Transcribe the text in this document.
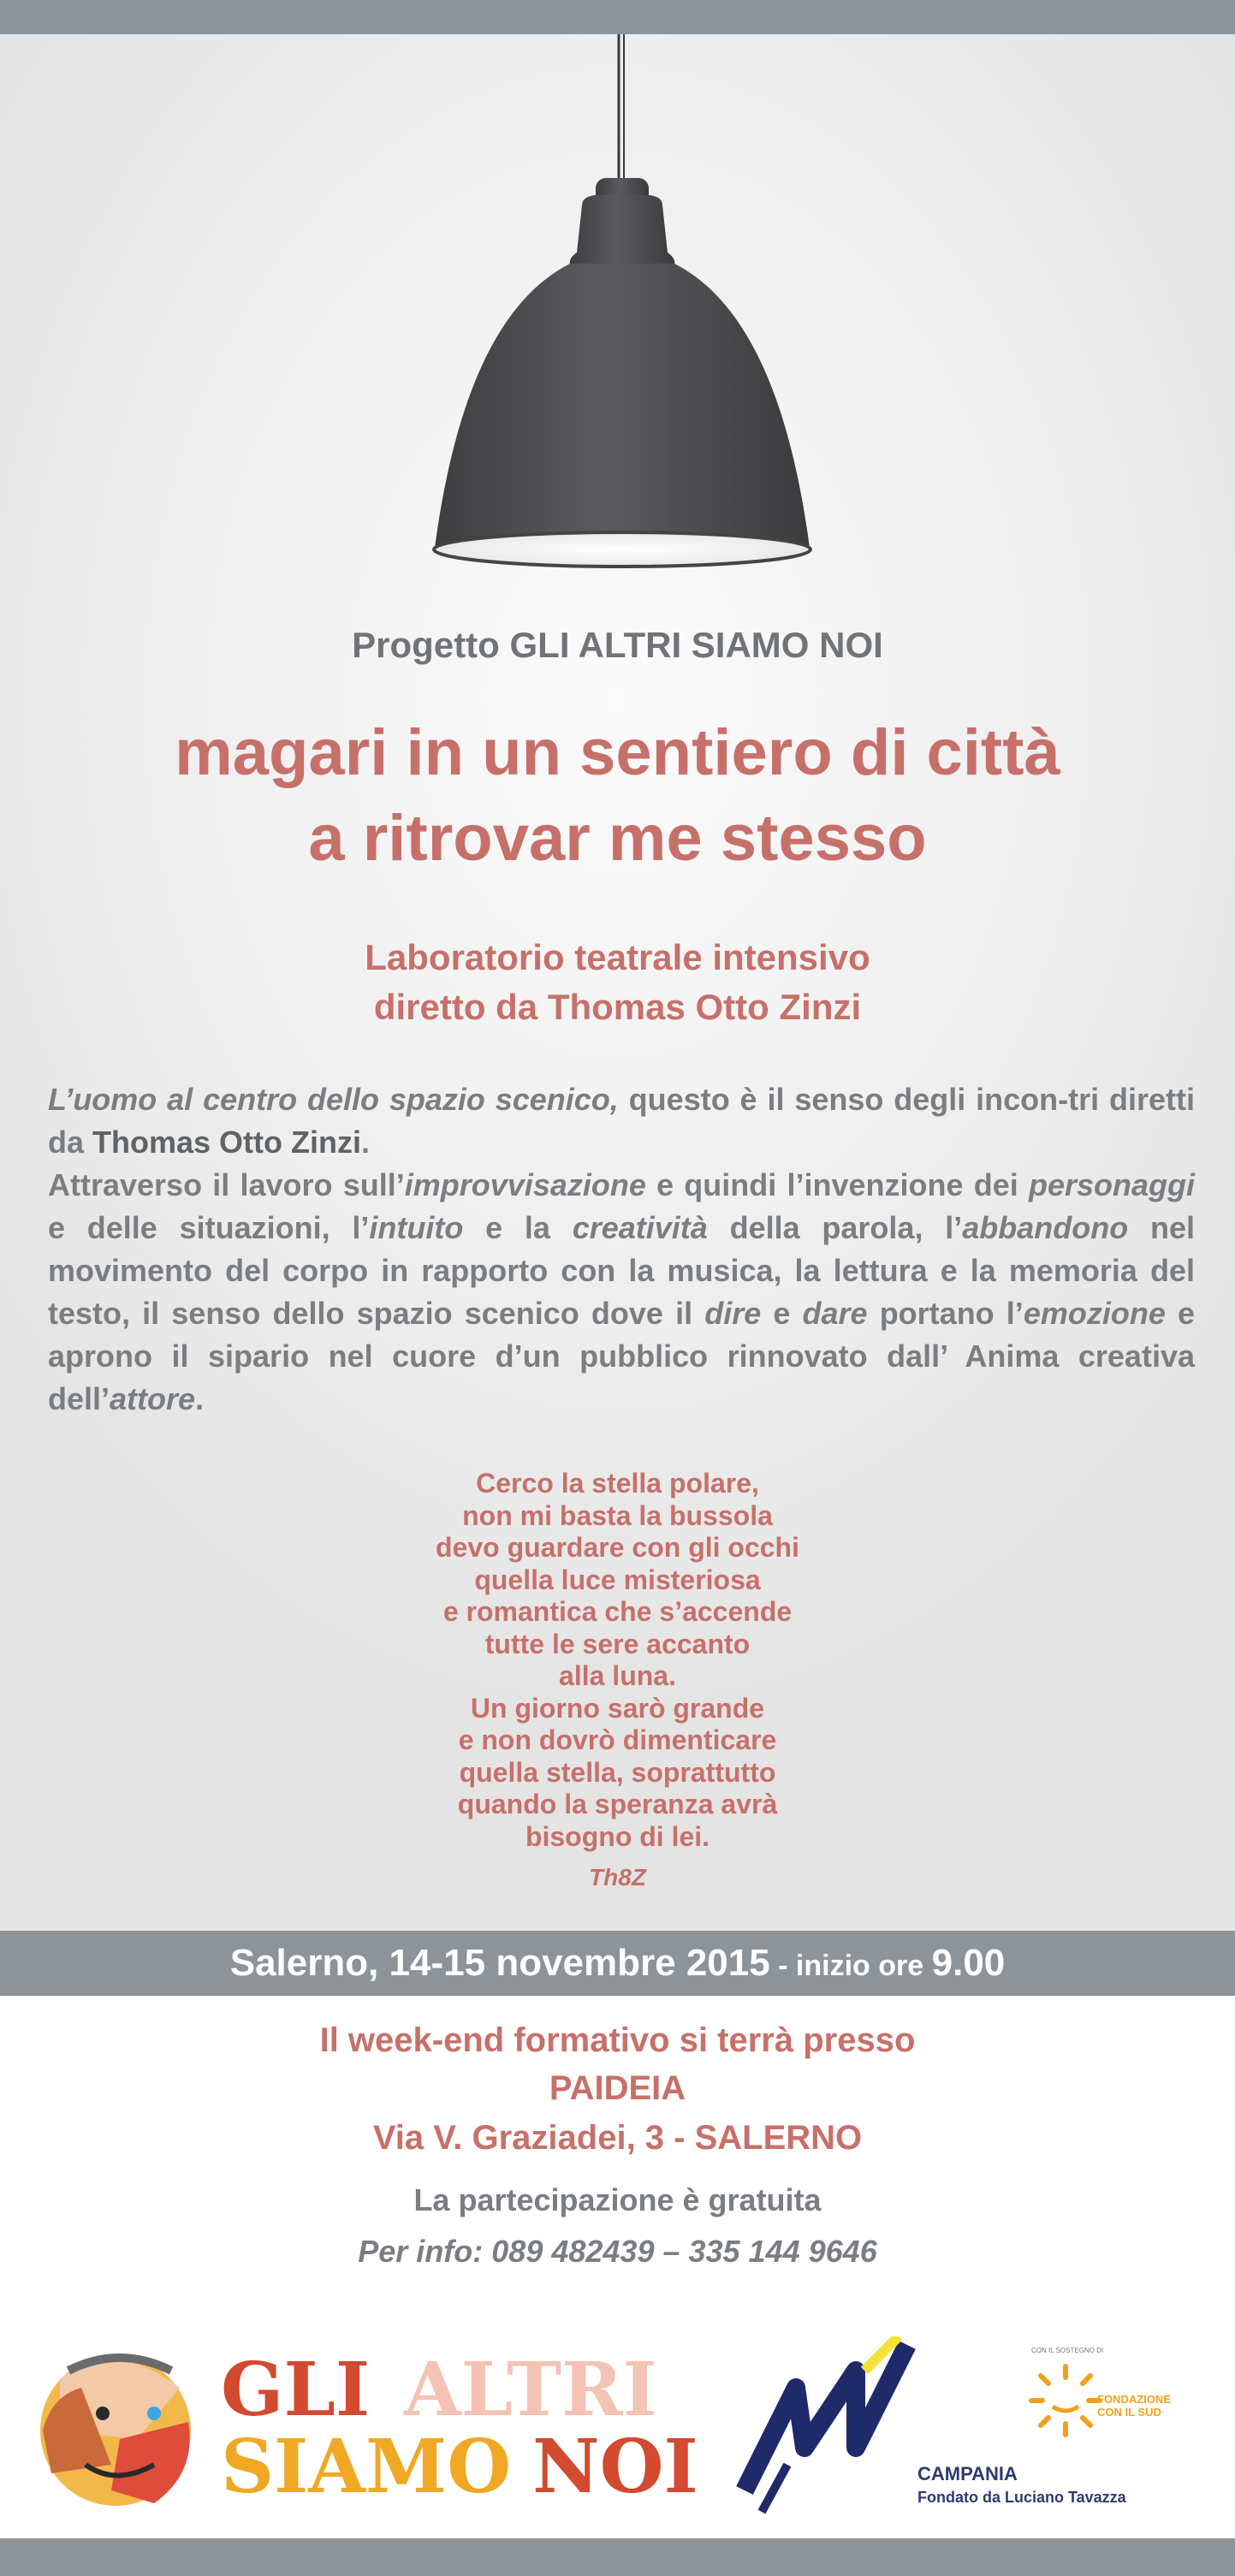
Progetto GLI ALTRI SIAMO NOI
magari in un sentiero di città
a ritrovar me stesso
Laboratorio teatrale intensivo
diretto da Thomas Otto Zinzi

L’uomo al centro dello spazio scenico, questo è il senso degli incon-tri diretti da Thomas Otto Zinzi.

Attraverso il lavoro sull’improvvisazione e quindi l’invenzione dei personaggi e delle situazioni, l’intuito e la creatività della parola, l’abbandono nel movimento del corpo in rapporto con la musica, la lettura e la memoria del testo, il senso dello spazio scenico dove il dire e dare portano l’emozione e aprono il sipario nel cuore d’un pubblico rinnovato dall’ Anima creativa dell’attore.

Cerco la stella polare,
non mi basta la bussola
devo guardare con gli occhi
quella luce misteriosa
e romantica che s’accende
tutte le sere accanto
alla luna.
Un giorno sarò grande
e non dovrò dimenticare
quella stella, soprattutto
quando la speranza avrà
bisogno di lei.
Th8Z
Salerno, 14-15 novembre 2015 - inizio ore 9.00
Il week-end formativo si terrà presso
PAIDEIA
Via V. Graziadei, 3 - SALERNO
La partecipazione è gratuita
Per info: 089 482439 – 335 144 9646
GLI ALTRI
SIAMO NOI	CAMPANIA
Fondato da Luciano Tavazza
CON IL SOSTEGNO DI
FONDAZIONE
CON IL SUD
